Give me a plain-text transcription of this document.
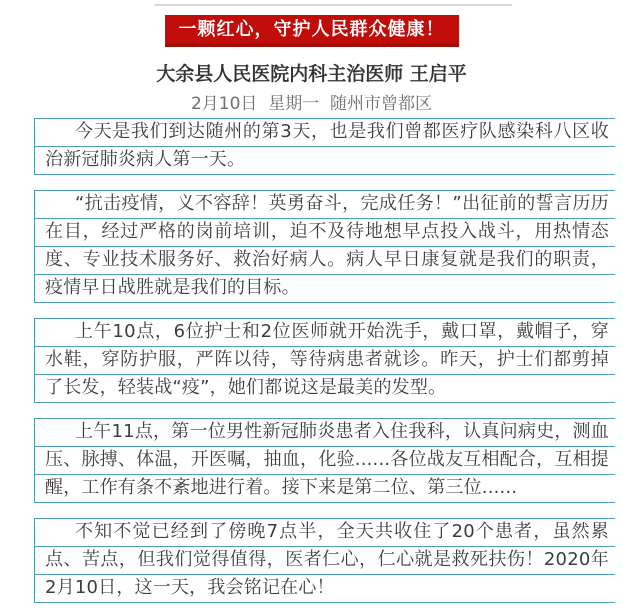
一颗红心，守护人民群众健康！
大余县人民医院内科主治医师 王启平
2月10日  星期一  随州市曾都区

今天是我们到达随州的第3天，也是我们曾都医疗队感染科八区收治新冠肺炎病人第一天。

“抗击疫情，义不容辞！英勇奋斗，完成任务！”出征前的誓言历历在目，经过严格的岗前培训，迫不及待地想早点投入战斗，用热情态度、专业技术服务好、救治好病人。病人早日康复就是我们的职责，疫情早日战胜就是我们的目标。

上午10点，6位护士和2位医师就开始洗手，戴口罩，戴帽子，穿水鞋，穿防护服，严阵以待，等待病患者就诊。昨天，护士们都剪掉了长发，轻装战“疫”，她们都说这是最美的发型。

上午11点，第一位男性新冠肺炎患者入住我科，认真问病史，测血压、脉搏、体温，开医嘱，抽血，化验......各位战友互相配合，互相提醒，工作有条不紊地进行着。接下来是第二位、第三位......

不知不觉已经到了傍晚7点半，全天共收住了20个患者，虽然累点、苦点，但我们觉得值得，医者仁心，仁心就是救死扶伤！2020年2月10日，这一天，我会铭记在心！
